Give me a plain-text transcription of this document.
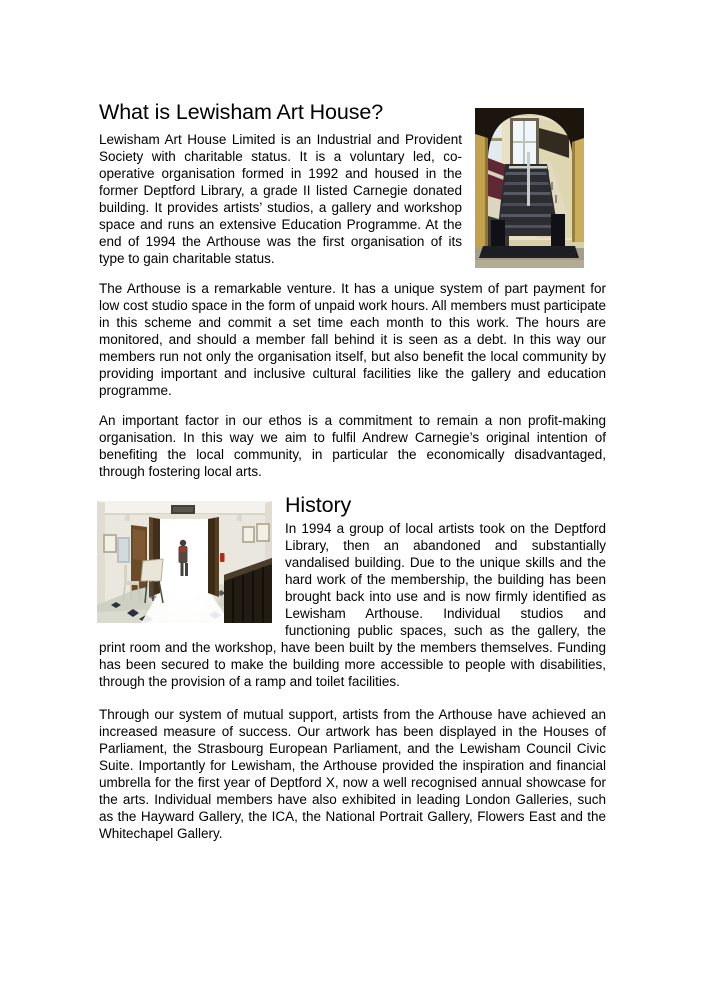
What is Lewisham Art House?

Lewisham Art House Limited is an Industrial and Provident Society with charitable status. It is a voluntary led, co-operative organisation formed in 1992 and housed in the former Deptford Library, a grade II listed Carnegie donated building. It provides artists’ studios, a gallery and workshop space and runs an extensive Education Programme. At the end of 1994 the Arthouse was the first organisation of its type to gain charitable status.

The Arthouse is a remarkable venture. It has a unique system of part payment for low cost studio space in the form of unpaid work hours. All members must participate in this scheme and commit a set time each month to this work. The hours are monitored, and should a member fall behind it is seen as a debt. In this way our members run not only the organisation itself, but also benefit the local community by providing important and inclusive cultural facilities like the gallery and education programme.

An important factor in our ethos is a commitment to remain a non profit-making organisation. In this way we aim to fulfil Andrew Carnegie’s original intention of benefiting the local community, in particular the economically disadvantaged, through fostering local arts.

History

In 1994 a group of local artists took on the Deptford Library, then an abandoned and substantially vandalised building. Due to the unique skills and the hard work of the membership, the building has been brought back into use and is now firmly identified as Lewisham Arthouse. Individual studios and functioning public spaces, such as the gallery, the print room and the workshop, have been built by the members themselves. Funding has been secured to make the building more accessible to people with disabilities, through the provision of a ramp and toilet facilities.

Through our system of mutual support, artists from the Arthouse have achieved an increased measure of success. Our artwork has been displayed in the Houses of Parliament, the Strasbourg European Parliament, and the Lewisham Council Civic Suite. Importantly for Lewisham, the Arthouse provided the inspiration and financial umbrella for the first year of Deptford X, now a well recognised annual showcase for the arts. Individual members have also exhibited in leading London Galleries, such as the Hayward Gallery, the ICA, the National Portrait Gallery, Flowers East and the Whitechapel Gallery.
